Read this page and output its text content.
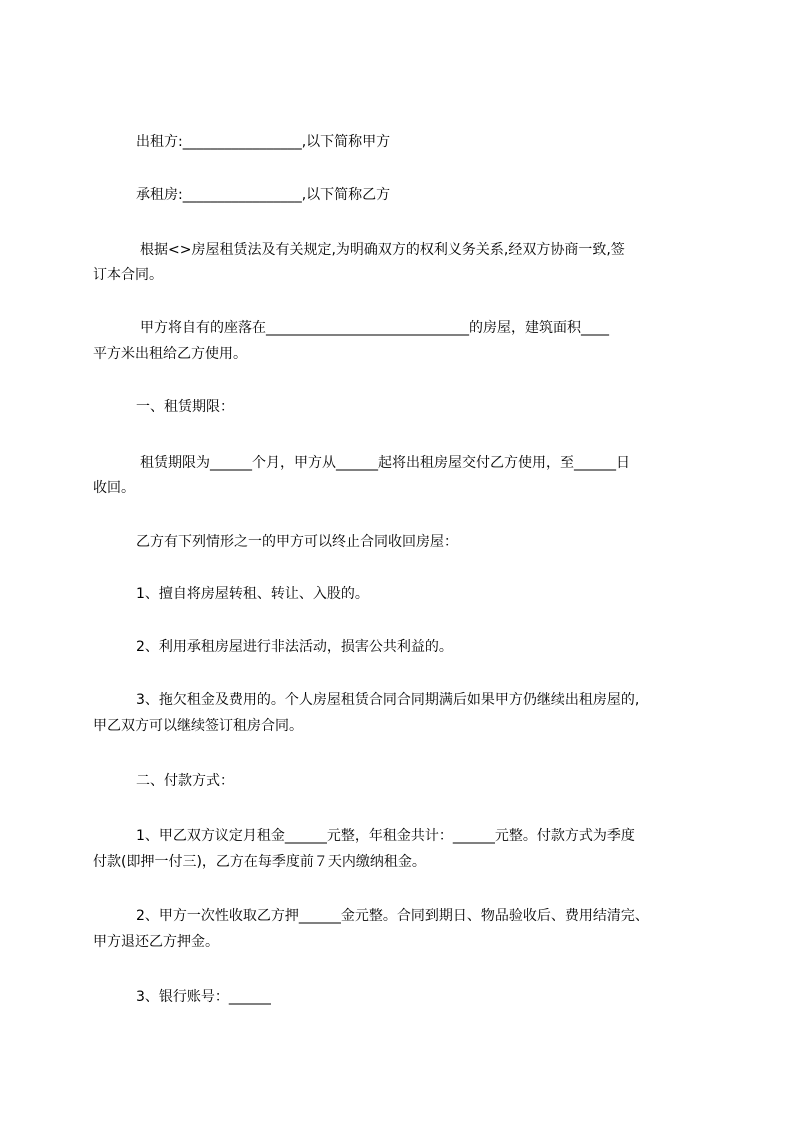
出租方:_________________,以下简称甲方
承租房:_________________,以下简称乙方
根据<>房屋租赁法及有关规定,为明确双方的权利义务关系,经双方协商一致,签
订本合同。
甲方将自有的座落在_____________________________的房屋，建筑面积____
平方米出租给乙方使用。
一、租赁期限：
租赁期限为______个月，甲方从______起将出租房屋交付乙方使用，至______日
收回。
乙方有下列情形之一的甲方可以终止合同收回房屋：
1、擅自将房屋转租、转让、入股的。
2、利用承租房屋进行非法活动，损害公共利益的。
3、拖欠租金及费用的。个人房屋租赁合同合同期满后如果甲方仍继续出租房屋的,
甲乙双方可以继续签订租房合同。
二、付款方式：
1、甲乙双方议定月租金______元整，年租金共计：______元整。付款方式为季度
付款(即押一付三)，乙方在每季度前７天内缴纳租金。
2、甲方一次性收取乙方押______金元整。合同到期日、物品验收后、费用结清完、
甲方退还乙方押金。
3、银行账号：______
